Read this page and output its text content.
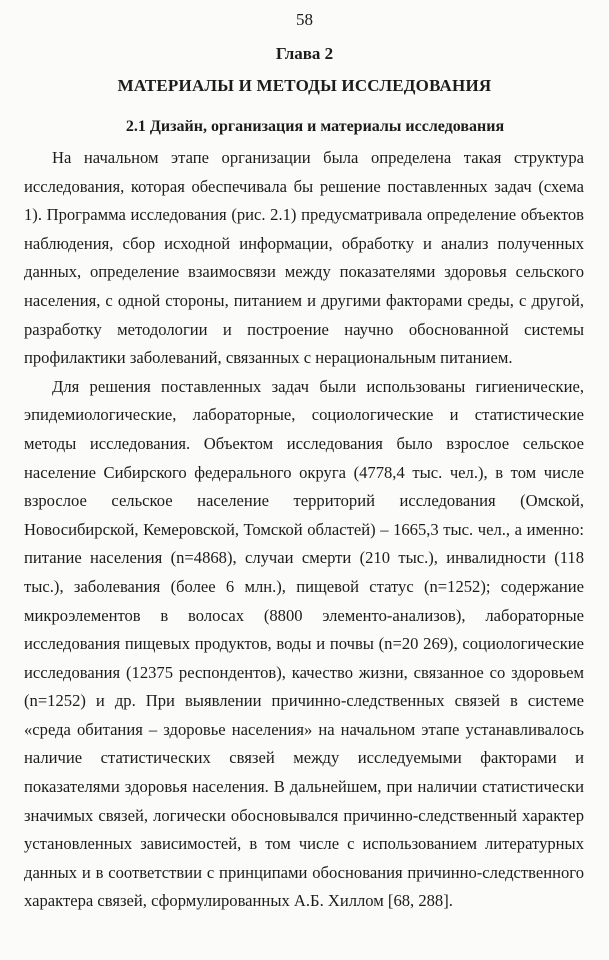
58
Глава 2
МАТЕРИАЛЫ И МЕТОДЫ ИССЛЕДОВАНИЯ
2.1 Дизайн, организация и материалы исследования

На начальном этапе организации была определена такая структура исследования, которая обеспечивала бы решение поставленных задач (схема 1). Программа исследования (рис. 2.1) предусматривала определение объектов наблюдения, сбор исходной информации, обработку и анализ полученных данных, определение взаимосвязи между показателями здоровья сельского населения, с одной стороны, питанием и другими факторами среды, с другой, разработку методологии и построение научно обоснованной системы профилактики заболеваний, связанных с нерациональным питанием.

Для решения поставленных задач были использованы гигиенические, эпидемиологические, лабораторные, социологические и статистические методы исследования. Объектом исследования было взрослое сельское население Сибирского федерального округа (4778,4 тыс. чел.), в том числе взрослое сельское население территорий исследования (Омской, Новосибирской, Кемеровской, Томской областей) – 1665,3 тыс. чел., а именно: питание населения (n=4868), случаи смерти (210 тыс.), инвалидности (118 тыс.), заболевания (более 6 млн.), пищевой статус (n=1252); содержание микроэлементов в волосах (8800 элементо-анализов), лабораторные исследования пищевых продуктов, воды и почвы (n=20 269), социологические исследования (12375 респондентов), качество жизни, связанное со здоровьем (n=1252) и др. При выявлении причинно-следственных связей в системе «среда обитания – здоровье населения» на начальном этапе устанавливалось наличие статистических связей между исследуемыми факторами и показателями здоровья населения. В дальнейшем, при наличии статистически значимых связей, логически обосновывался причинно-следственный характер установленных зависимостей, в том числе с использованием литературных данных и в соответствии с принципами обоснования причинно-следственного характера связей, сформулированных А.Б. Хиллом [68, 288].
